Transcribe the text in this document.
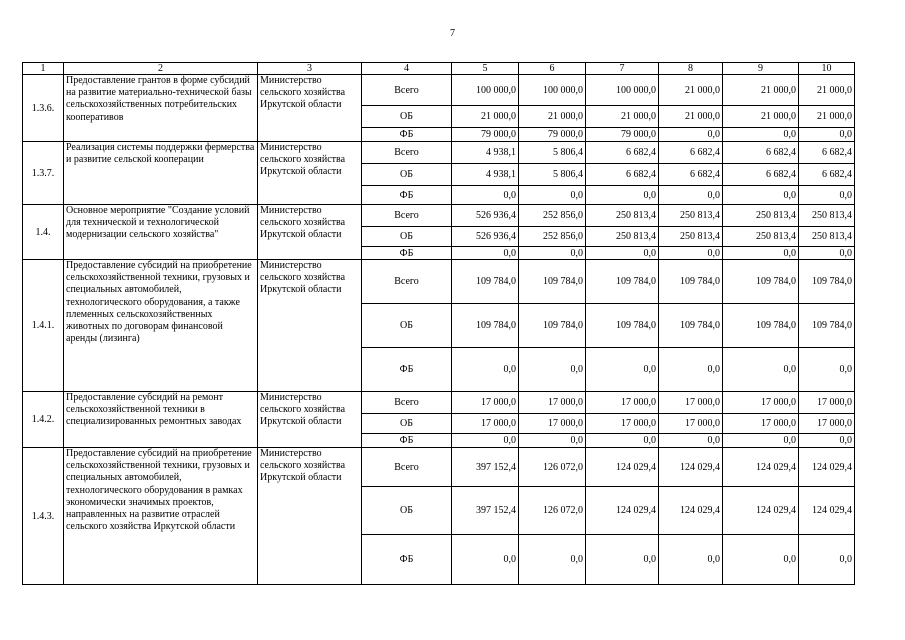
7
1	2	3	4	5	6	7	8	9	10
1.3.6.	Предоставление грантов в форме субсидий на развитие материально-технической базы сельскохозяйственных потребительских кооперативов	Министерство сельского хозяйства Иркутской области	Всего	100 000,0	100 000,0	100 000,0	21 000,0	21 000,0	21 000,0
			ОБ	21 000,0	21 000,0	21 000,0	21 000,0	21 000,0	21 000,0
			ФБ	79 000,0	79 000,0	79 000,0	0,0	0,0	0,0
1.3.7.	Реализация системы поддержки фермерства и развитие сельской кооперации	Министерство сельского хозяйства Иркутской области	Всего	4 938,1	5 806,4	6 682,4	6 682,4	6 682,4	6 682,4
			ОБ	4 938,1	5 806,4	6 682,4	6 682,4	6 682,4	6 682,4
			ФБ	0,0	0,0	0,0	0,0	0,0	0,0
1.4.	Основное мероприятие "Создание условий для технической и технологической модернизации сельского хозяйства"	Министерство сельского хозяйства Иркутской области	Всего	526 936,4	252 856,0	250 813,4	250 813,4	250 813,4	250 813,4
			ОБ	526 936,4	252 856,0	250 813,4	250 813,4	250 813,4	250 813,4
			ФБ	0,0	0,0	0,0	0,0	0,0	0,0
1.4.1.	Предоставление субсидий на приобретение сельскохозяйственной техники, грузовых и специальных автомобилей, технологического оборудования, а также племенных сельскохозяйственных животных по договорам финансовой аренды (лизинга)	Министерство сельского хозяйства Иркутской области	Всего	109 784,0	109 784,0	109 784,0	109 784,0	109 784,0	109 784,0
			ОБ	109 784,0	109 784,0	109 784,0	109 784,0	109 784,0	109 784,0
			ФБ	0,0	0,0	0,0	0,0	0,0	0,0
1.4.2.	Предоставление субсидий на ремонт сельскохозяйственной техники в специализированных ремонтных заводах	Министерство сельского хозяйства Иркутской области	Всего	17 000,0	17 000,0	17 000,0	17 000,0	17 000,0	17 000,0
			ОБ	17 000,0	17 000,0	17 000,0	17 000,0	17 000,0	17 000,0
			ФБ	0,0	0,0	0,0	0,0	0,0	0,0
1.4.3.	Предоставление субсидий на приобретение сельскохозяйственной техники, грузовых и специальных автомобилей, технологического оборудования в рамках экономически значимых проектов, направленных на развитие отраслей сельского хозяйства Иркутской области	Министерство сельского хозяйства Иркутской области	Всего	397 152,4	126 072,0	124 029,4	124 029,4	124 029,4	124 029,4
			ОБ	397 152,4	126 072,0	124 029,4	124 029,4	124 029,4	124 029,4
			ФБ	0,0	0,0	0,0	0,0	0,0	0,0
